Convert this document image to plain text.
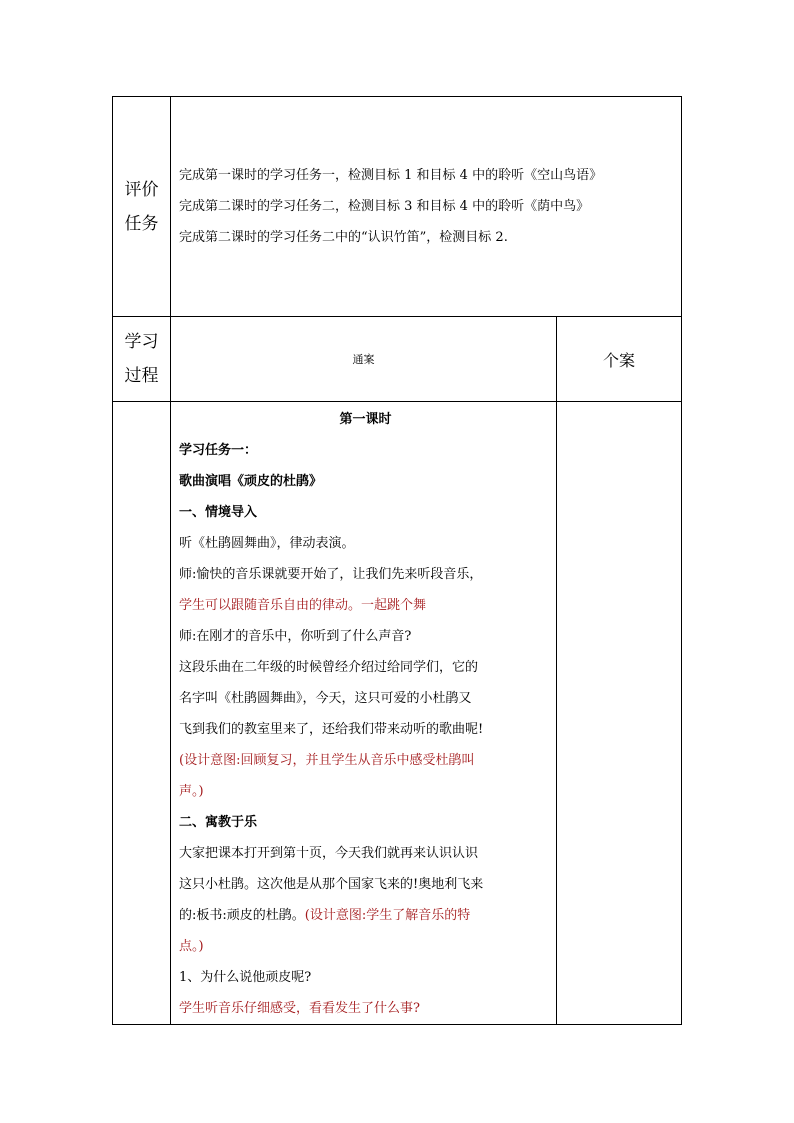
评价
任务
完成第一课时的学习任务一，检测目标 1 和目标 4 中的聆听《空山鸟语》
完成第二课时的学习任务二，检测目标 3 和目标 4 中的聆听《荫中鸟》
完成第二课时的学习任务二中的“认识竹笛”，检测目标 2.
学习
过程
通案	个案
第一课时
学习任务一：
歌曲演唱《顽皮的杜鹃》
一、情境导入
听《杜鹃圆舞曲》，律动表演。
师:愉快的音乐课就要开始了，让我们先来听段音乐，
学生可以跟随音乐自由的律动。一起跳个舞
师:在刚才的音乐中，你听到了什么声音?
这段乐曲在二年级的时候曾经介绍过给同学们，它的
名字叫《杜鹃圆舞曲》，今天，这只可爱的小杜鹃又
飞到我们的教室里来了，还给我们带来动听的歌曲呢!
(设计意图:回顾复习，并且学生从音乐中感受杜鹃叫
声。)
二、寓教于乐
大家把课本打开到第十页，今天我们就再来认识认识
这只小杜鹃。这次他是从那个国家飞来的!奥地利飞来
的:板书:顽皮的杜鹃。(设计意图:学生了解音乐的特
点。)
1、为什么说他顽皮呢?
学生听音乐仔细感受，看看发生了什么事?
